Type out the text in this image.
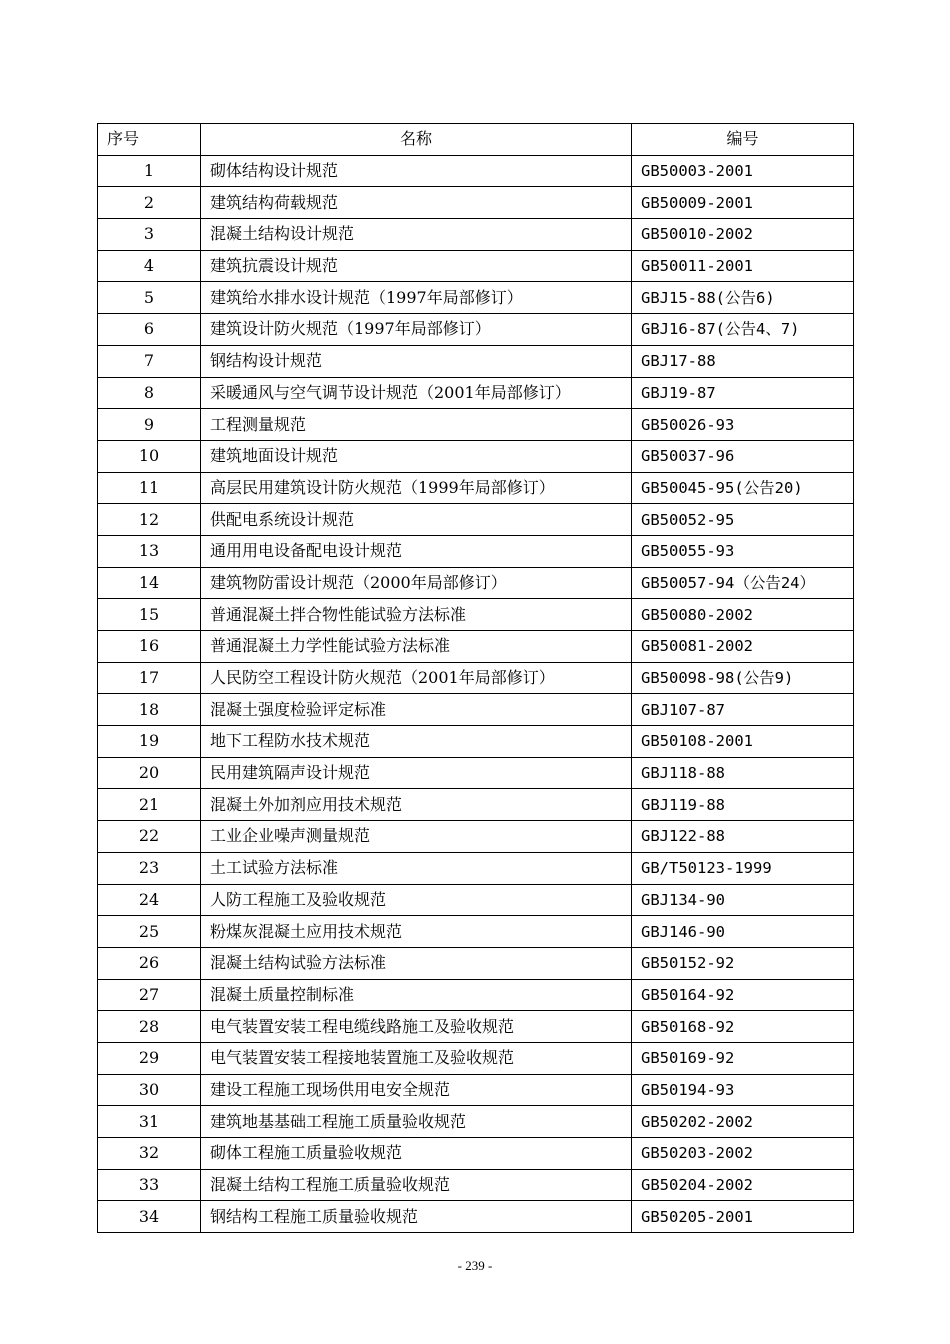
序号	名称	编号
1	砌体结构设计规范	GB50003-2001
2	建筑结构荷载规范	GB50009-2001
3	混凝土结构设计规范	GB50010-2002
4	建筑抗震设计规范	GB50011-2001
5	建筑给水排水设计规范（1997年局部修订）	GBJ15-88(公告6)
6	建筑设计防火规范（1997年局部修订）	GBJ16-87(公告4、7)
7	钢结构设计规范	GBJ17-88
8	采暖通风与空气调节设计规范（2001年局部修订）	GBJ19-87
9	工程测量规范	GB50026-93
10	建筑地面设计规范	GB50037-96
11	高层民用建筑设计防火规范（1999年局部修订）	GB50045-95(公告20)
12	供配电系统设计规范	GB50052-95
13	通用用电设备配电设计规范	GB50055-93
14	建筑物防雷设计规范（2000年局部修订）	GB50057-94（公告24）
15	普通混凝土拌合物性能试验方法标准	GB50080-2002
16	普通混凝土力学性能试验方法标准	GB50081-2002
17	人民防空工程设计防火规范（2001年局部修订）	GB50098-98(公告9)
18	混凝土强度检验评定标准	GBJ107-87
19	地下工程防水技术规范	GB50108-2001
20	民用建筑隔声设计规范	GBJ118-88
21	混凝土外加剂应用技术规范	GBJ119-88
22	工业企业噪声测量规范	GBJ122-88
23	土工试验方法标准	GB/T50123-1999
24	人防工程施工及验收规范	GBJ134-90
25	粉煤灰混凝土应用技术规范	GBJ146-90
26	混凝土结构试验方法标准	GB50152-92
27	混凝土质量控制标准	GB50164-92
28	电气装置安装工程电缆线路施工及验收规范	GB50168-92
29	电气装置安装工程接地装置施工及验收规范	GB50169-92
30	建设工程施工现场供用电安全规范	GB50194-93
31	建筑地基基础工程施工质量验收规范	GB50202-2002
32	砌体工程施工质量验收规范	GB50203-2002
33	混凝土结构工程施工质量验收规范	GB50204-2002
34	钢结构工程施工质量验收规范	GB50205-2001
- 239 -
